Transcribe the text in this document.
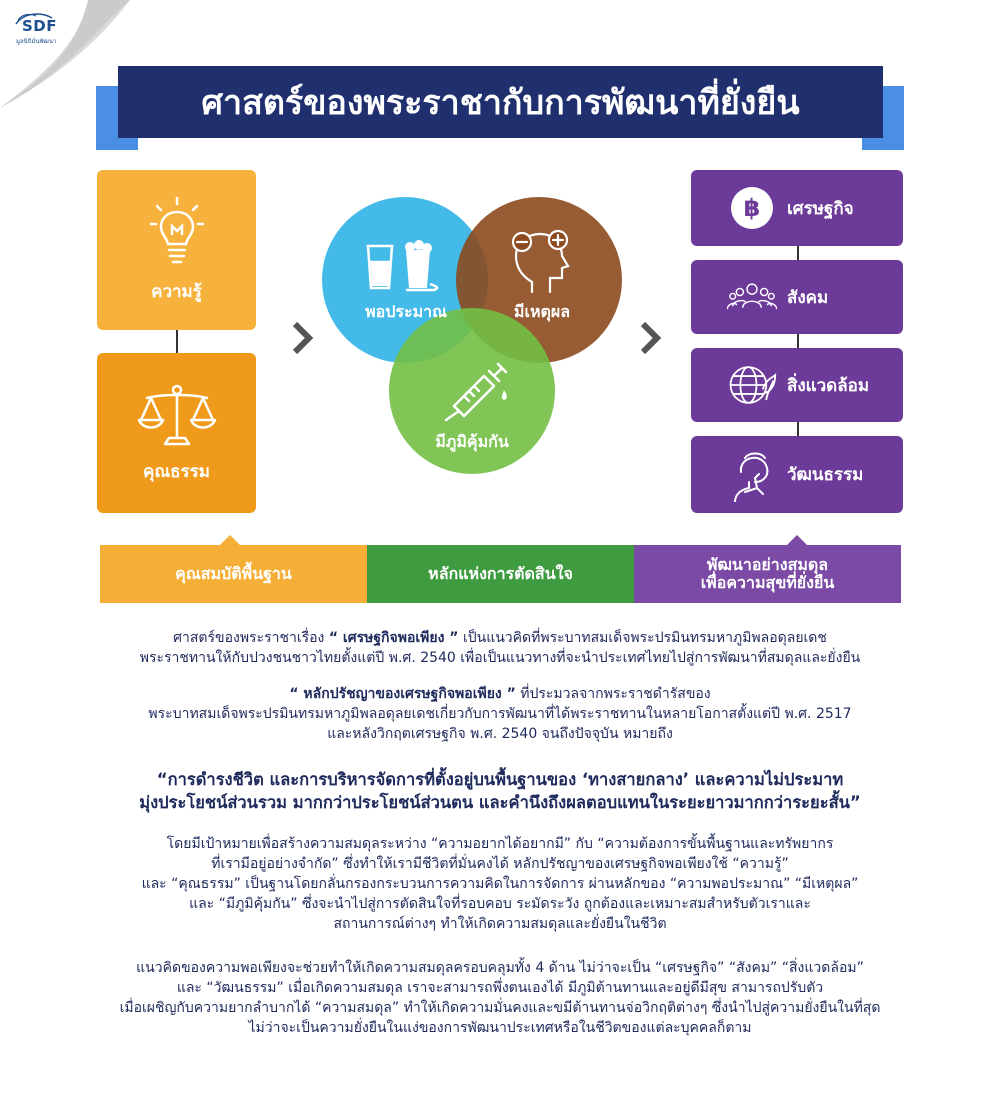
SDF
มูลนิธิมั่นพัฒนา
ศาสตร์ของพระราชากับการพัฒนาที่ยั่งยืน
ความรู้
คุณธรรม
พอประมาณ	มีเหตุผล
มีภูมิคุ้มกัน
฿ เศรษฐกิจ
สังคม
สิ่งแวดล้อม
วัฒนธรรม
คุณสมบัติพื้นฐาน	หลักแห่งการตัดสินใจ	พัฒนาอย่างสมดุล
เพื่อความสุขที่ยั่งยืน
ศาสตร์ของพระราชาเรื่อง “ เศรษฐกิจพอเพียง ” เป็นแนวคิดที่พระบาทสมเด็จพระปรมินทรมหาภูมิพลอดุลยเดช
พระราชทานให้กับปวงชนชาวไทยตั้งแต่ปี พ.ศ. 2540 เพื่อเป็นแนวทางที่จะนำประเทศไทยไปสู่การพัฒนาที่สมดุลและยั่งยืน
“ หลักปรัชญาของเศรษฐกิจพอเพียง ” ที่ประมวลจากพระราชดำรัสของ
พระบาทสมเด็จพระปรมินทรมหาภูมิพลอดุลยเดชเกี่ยวกับการพัฒนาที่ได้พระราชทานในหลายโอกาสตั้งแต่ปี พ.ศ. 2517
และหลังวิกฤตเศรษฐกิจ พ.ศ. 2540 จนถึงปัจจุบัน หมายถึง
“การดำรงชีวิต และการบริหารจัดการที่ตั้งอยู่บนพื้นฐานของ ‘ทางสายกลาง’ และความไม่ประมาท
มุ่งประโยชน์ส่วนรวม มากกว่าประโยชน์ส่วนตน และคำนึงถึงผลตอบแทนในระยะยาวมากกว่าระยะสั้น”
โดยมีเป้าหมายเพื่อสร้างความสมดุลระหว่าง “ความอยากได้อยากมี” กับ “ความต้องการขั้นพื้นฐานและทรัพยากร
ที่เรามีอยู่อย่างจำกัด” ซึ่งทำให้เรามีชีวิตที่มั่นคงได้ หลักปรัชญาของเศรษฐกิจพอเพียงใช้ “ความรู้”
และ “คุณธรรม” เป็นฐานโดยกลั่นกรองกระบวนการความคิดในการจัดการ ผ่านหลักของ “ความพอประมาณ” “มีเหตุผล”
และ “มีภูมิคุ้มกัน” ซึ่งจะนำไปสู่การตัดสินใจที่รอบคอบ ระมัดระวัง ถูกต้องและเหมาะสมสำหรับตัวเราและ
สถานการณ์ต่างๆ ทำให้เกิดความสมดุลและยั่งยืนในชีวิต
แนวคิดของความพอเพียงจะช่วยทำให้เกิดความสมดุลครอบคลุมทั้ง 4 ด้าน ไม่ว่าจะเป็น “เศรษฐกิจ” “สังคม” “สิ่งแวดล้อม”
และ “วัฒนธรรม” เมื่อเกิดความสมดุล เราจะสามารถพึ่งตนเองได้ มีภูมิต้านทานและอยู่ดีมีสุข สามารถปรับตัว
เมื่อเผชิญกับความยากลำบากได้ “ความสมดุล” ทำให้เกิดความมั่นคงและขมีต้านทานจ่อวิกฤติต่างๆ ซึ่งนำไปสู่ความยั่งยืนในที่สุด
ไม่ว่าจะเป็นความยั่งยืนในแง่ของการพัฒนาประเทศหรือในชีวิตของแต่ละบุคคลก็ตาม
